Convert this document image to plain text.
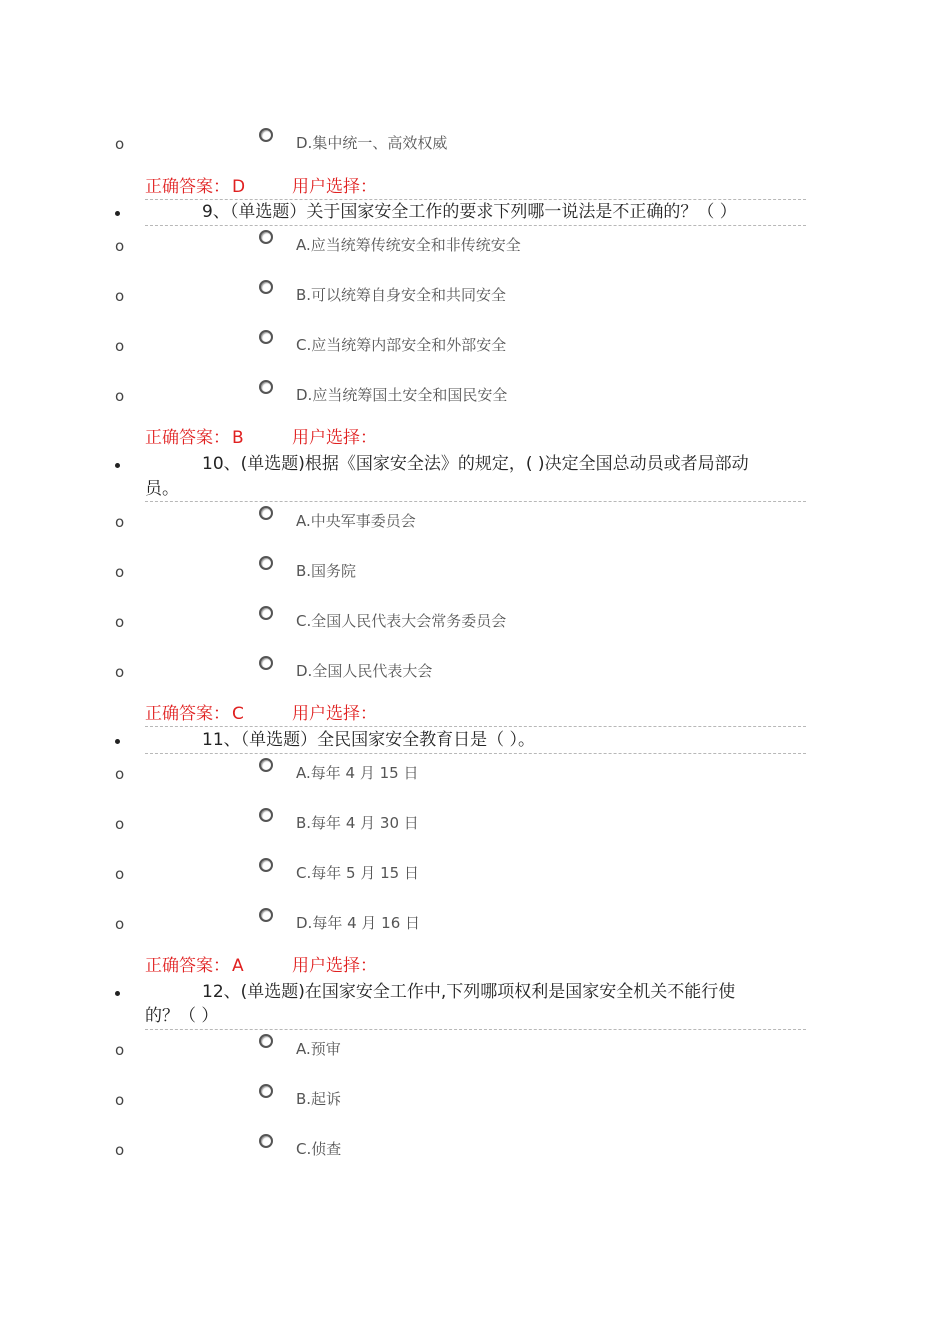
o	D.集中统一、高效权威
正确答案： D	用户选择：
9、（单选题）关于国家安全工作的要求下列哪一说法是不正确的？（ ）
o	A.应当统筹传统安全和非传统安全
o	B.可以统筹自身安全和共同安全
o	C.应当统筹内部安全和外部安全
o	D.应当统筹国土安全和国民安全
正确答案： B	用户选择：
10、(单选题)根据《国家安全法》的规定，( )决定全国总动员或者局部动
员。
o	A.中央军事委员会
o	B.国务院
o	C.全国人民代表大会常务委员会
o	D.全国人民代表大会
正确答案： C	用户选择：
11、（单选题）全民国家安全教育日是（ ）。
o	A.每年 4 月 15 日
o	B.每年 4 月 30 日
o	C.每年 5 月 15 日
o	D.每年 4 月 16 日
正确答案： A	用户选择：
12、(单选题)在国家安全工作中,下列哪项权利是国家安全机关不能行使
的？（ ）
o	A.预审
o	B.起诉
o	C.侦查
